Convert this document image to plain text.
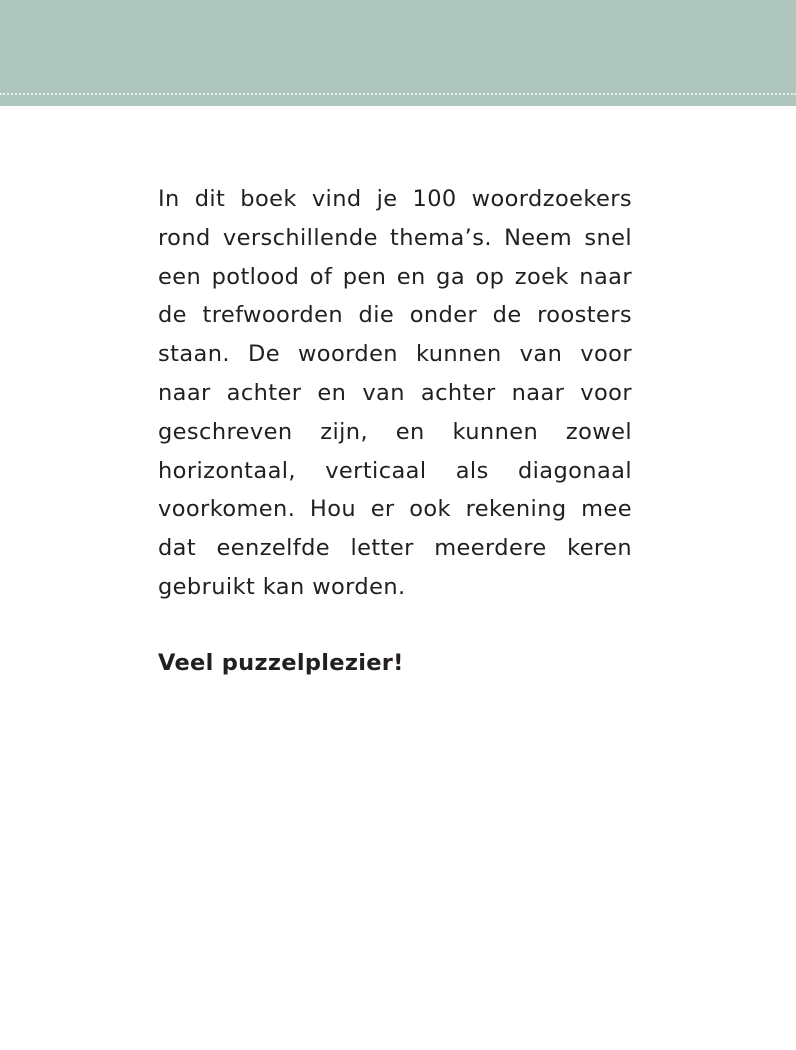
In dit boek vind je 100 woordzoekers rond verschillende thema’s. Neem snel een potlood of pen en ga op zoek naar de trefwoorden die onder de roosters staan. De woorden kunnen van voor naar achter en van achter naar voor geschreven zijn, en kunnen zowel horizontaal, verticaal als diagonaal voorkomen. Hou er ook rekening mee dat eenzelfde letter meerdere keren gebruikt kan worden.

Veel puzzelplezier!
